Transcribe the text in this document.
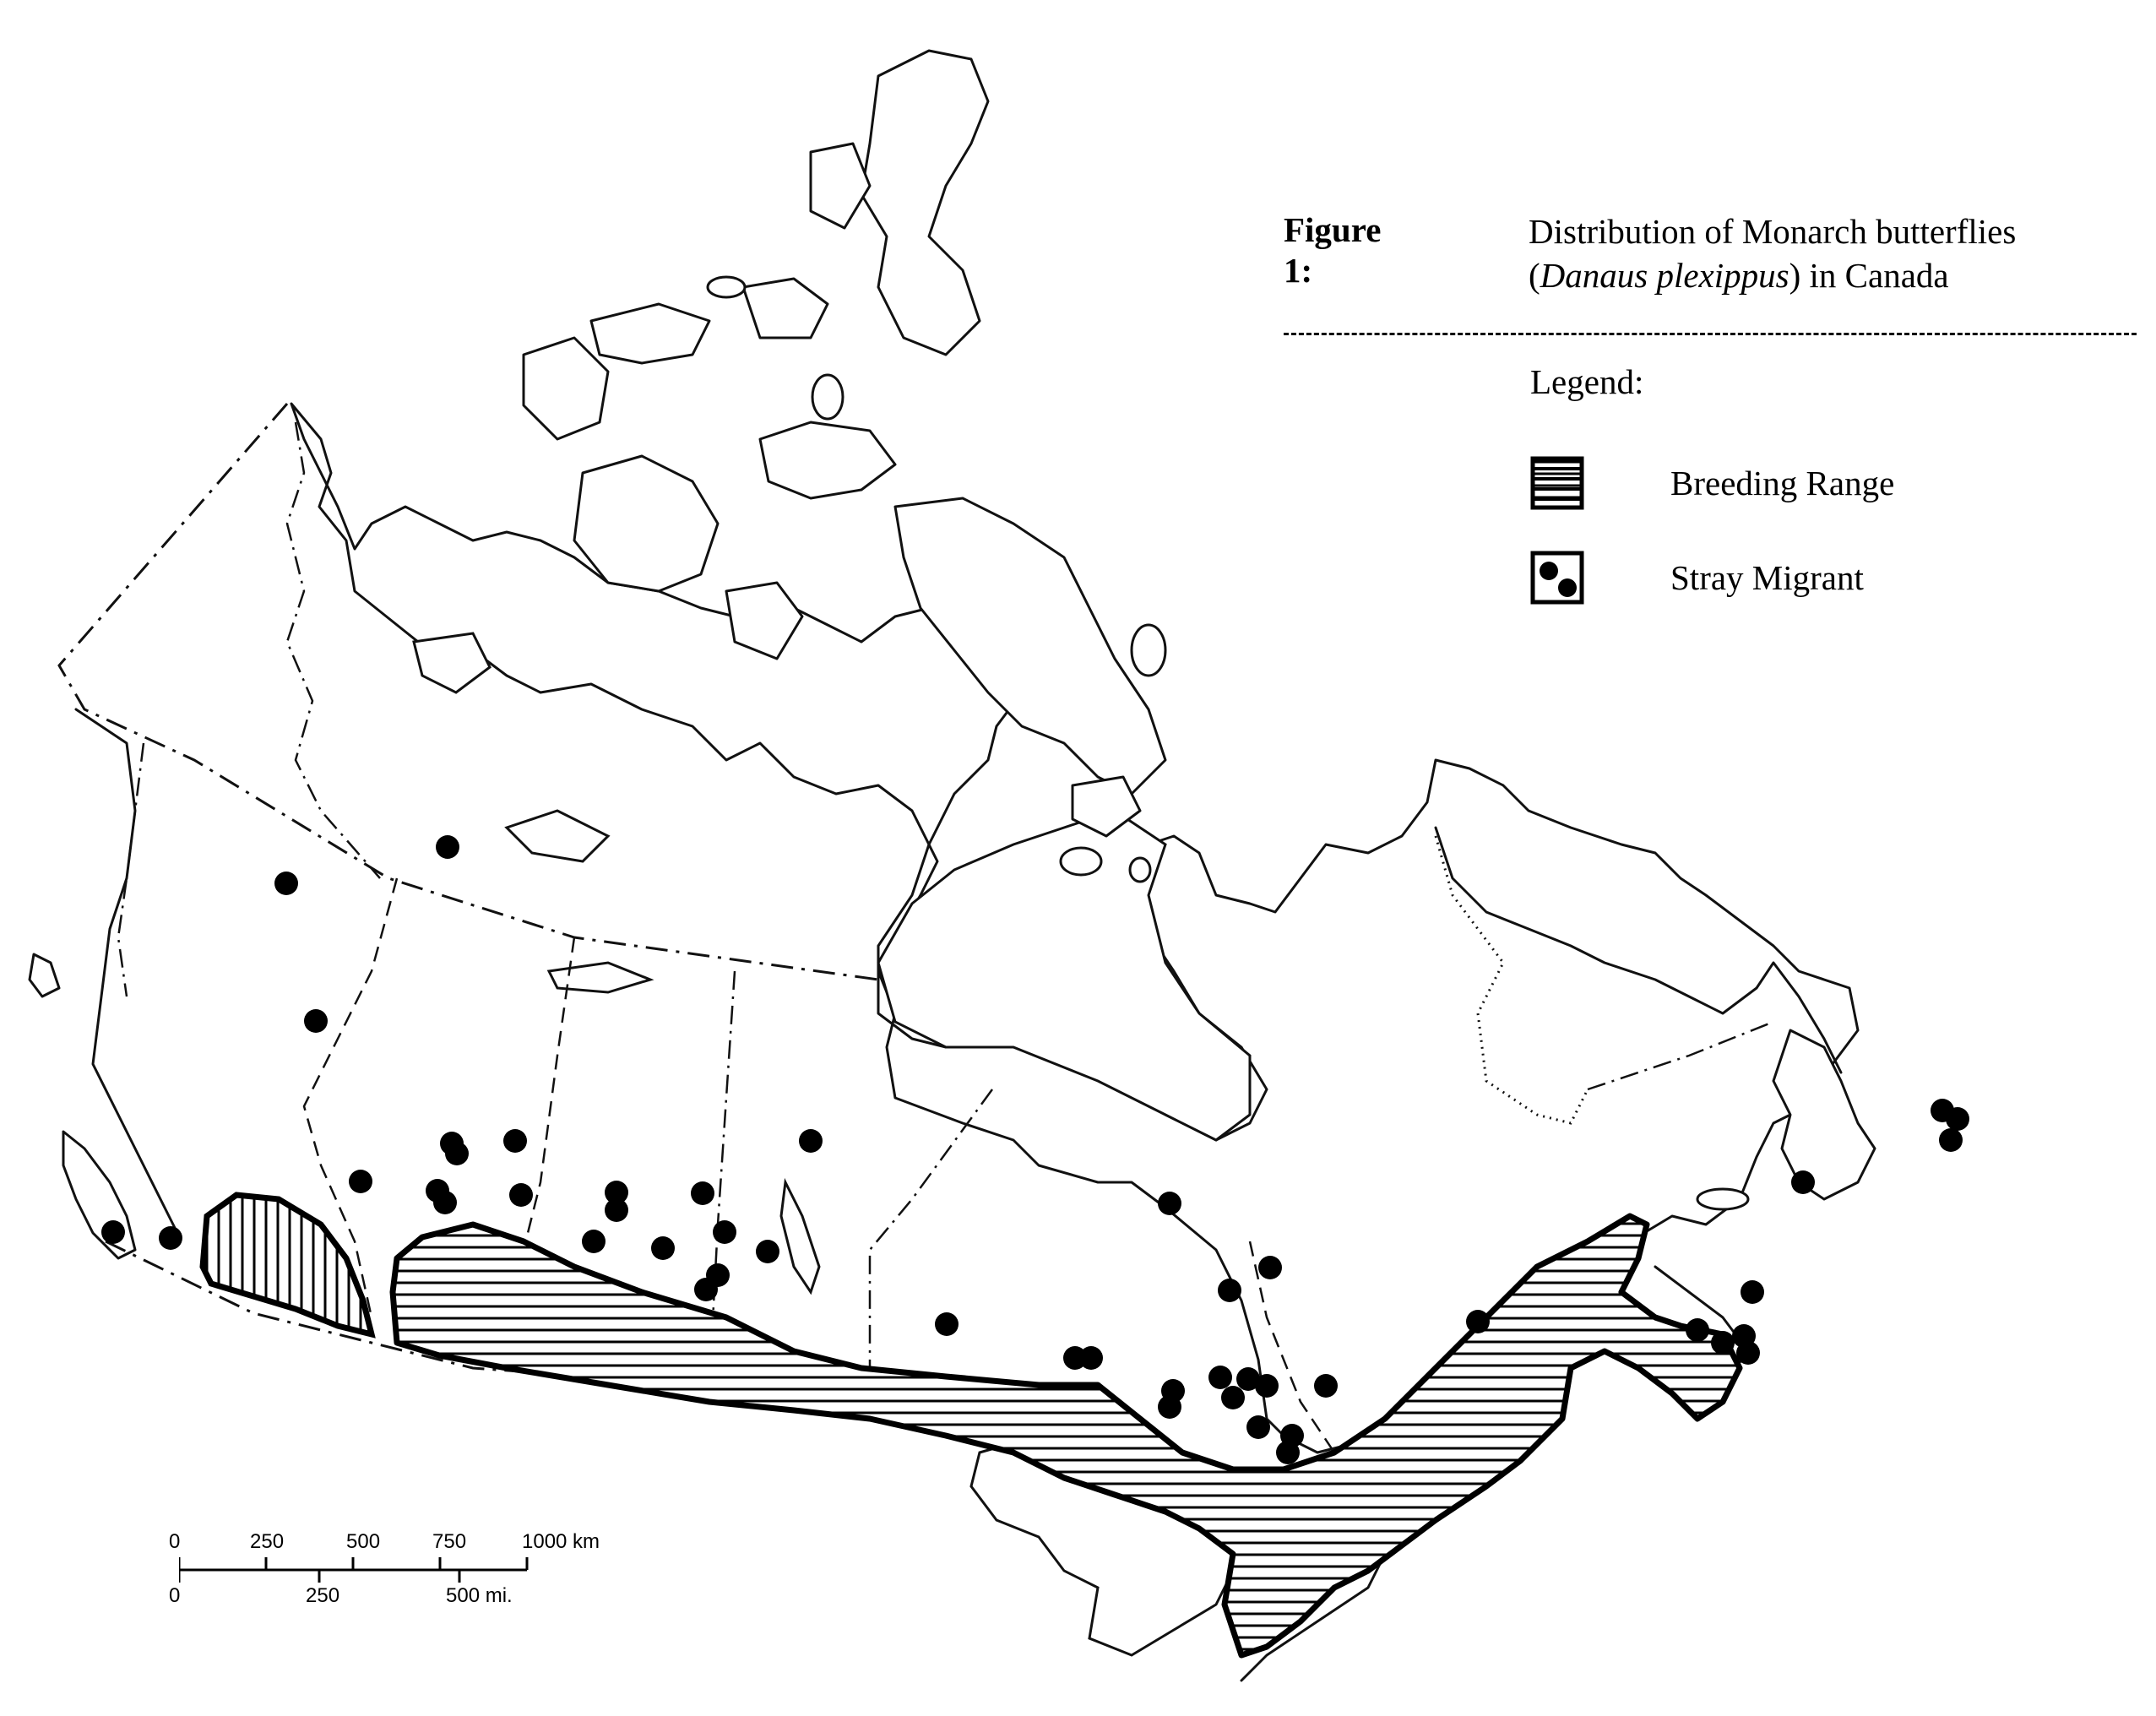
Figure 1:
Distribution of Monarch butterflies
(Danaus plexippus) in Canada
Legend:
Breeding Range
Stray Migrant
0	250	500	750	1000 km
0	250	500 mi.
